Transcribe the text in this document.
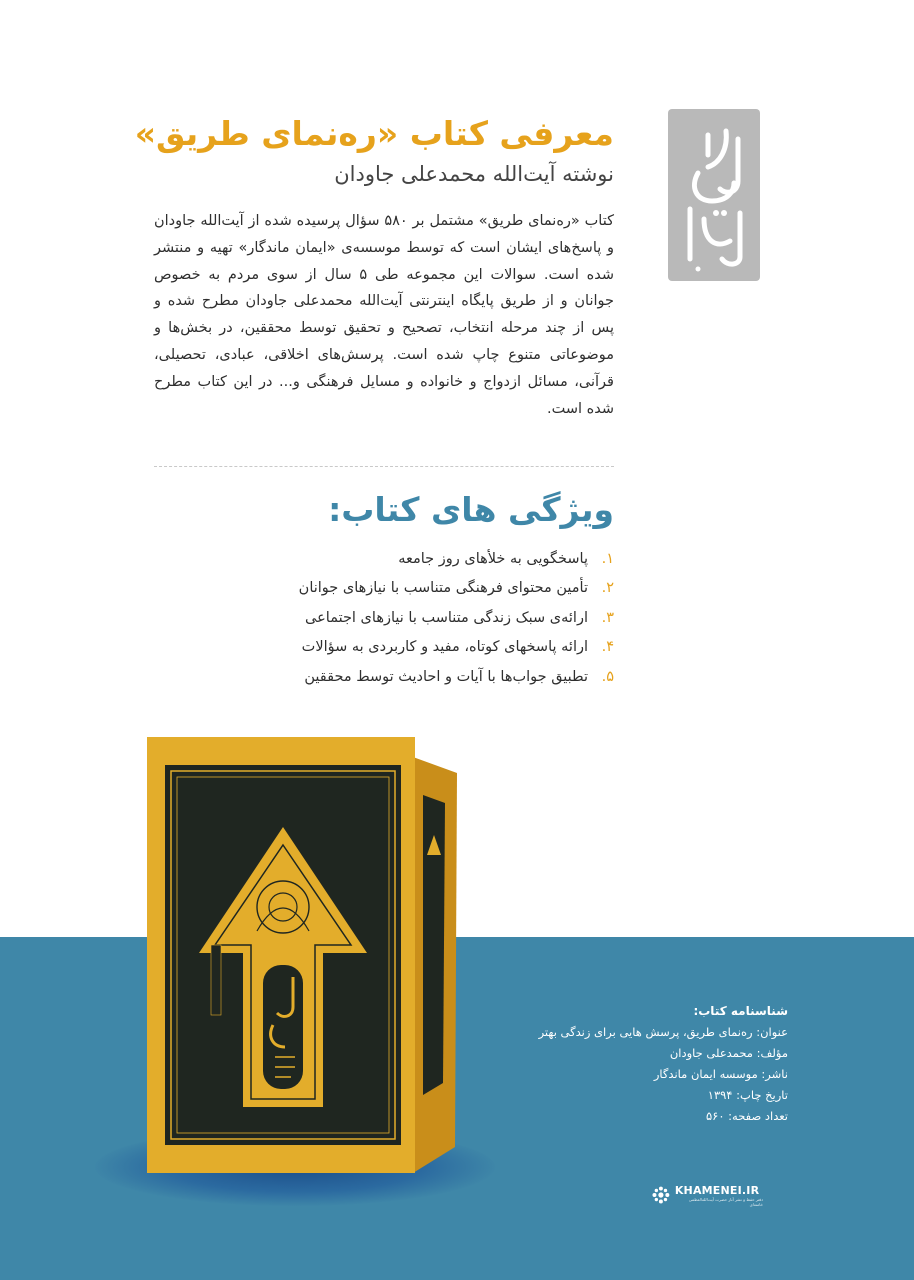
معرفی کتاب «ره‌نمای طریق»
نوشته آیت‌الله محمدعلی جاودان

کتاب «ره‌نمای طریق» مشتمل بر ۵۸۰ سؤال پرسیده شده از آیت‌الله جاودان و پاسخ‌های ایشان است که توسط موسسه‌ی «ایمان ماندگار» تهیه و منتشر شده است. سوالات این مجموعه طی ۵ سال از سوی مردم به خصوص جوانان و از طریق پایگاه اینترنتی آیت‌الله محمدعلی جاودان مطرح شده و پس از چند مرحله انتخاب، تصحیح و تحقیق توسط محققین، در بخش‌ها و موضوعاتی متنوع چاپ شده است. پرسش‌های اخلاقی، عبادی، تحصیلی، قرآنی، مسائل ازدواج و خانواده و مسایل فرهنگی و... در این کتاب مطرح شده است.

ویژگی های کتاب:
۱.
پاسخگویی به خلأهای روز جامعه
۲.
تأمین محتوای فرهنگی متناسب با نیازهای جوانان
۳.
ارائه‌ی سبک زندگی متناسب با نیازهای اجتماعی
۴.
ارائه پاسخهای کوتاه، مفید و کاربردی به سؤالات
۵.
تطبیق جواب‌ها با آیات و احادیث توسط محققین
شناسنامه کتاب:
عنوان: ره‌نمای طریق، پرسش هایی برای زندگی بهتر
مؤلف: محمدعلی جاودان
ناشر: موسسه ایمان ماندگار
تاریخ چاپ: ۱۳۹۴
تعداد صفحه: ۵۶۰
KHAMENEI.IR
دفتر حفظ و نشر آثار حضرت آیت‌الله‌العظمی خامنه‌ای
